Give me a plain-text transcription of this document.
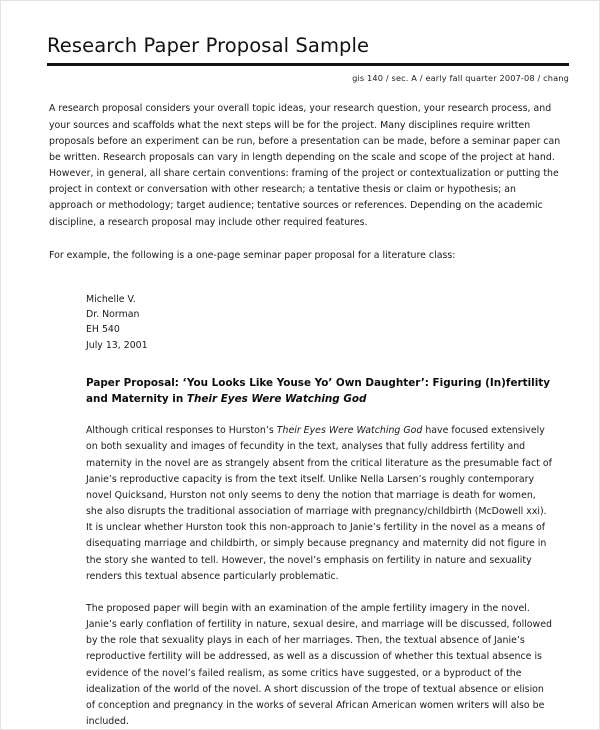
Research Paper Proposal Sample
gis 140 / sec. A / early fall quarter 2007-08 / chang

A research proposal considers your overall topic ideas, your research question, your research process, and your sources and scaffolds what the next steps will be for the project. Many disciplines require written proposals before an experiment can be run, before a presentation can be made, before a seminar paper can be written. Research proposals can vary in length depending on the scale and scope of the project at hand. However, in general, all share certain conventions: framing of the project or contextualization or putting the project in context or conversation with other research; a tentative thesis or claim or hypothesis; an approach or methodology; target audience; tentative sources or references. Depending on the academic discipline, a research proposal may include other required features.

For example, the following is a one-page seminar paper proposal for a literature class:

Michelle V.
Dr. Norman
EH 540
July 13, 2001
Paper Proposal: ‘You Looks Like Youse Yo’ Own Daughter’: Figuring (In)fertility and Maternity in Their Eyes Were Watching God

Although critical responses to Hurston’s Their Eyes Were Watching God have focused extensively on both sexuality and images of fecundity in the text, analyses that fully address fertility and maternity in the novel are as strangely absent from the critical literature as the presumable fact of Janie’s reproductive capacity is from the text itself. Unlike Nella Larsen’s roughly contemporary novel Quicksand, Hurston not only seems to deny the notion that marriage is death for women, she also disrupts the traditional association of marriage with pregnancy/childbirth (McDowell xxi). It is unclear whether Hurston took this non-approach to Janie’s fertility in the novel as a means of disequating marriage and childbirth, or simply because pregnancy and maternity did not figure in the story she wanted to tell. However, the novel’s emphasis on fertility in nature and sexuality renders this textual absence particularly problematic.

The proposed paper will begin with an examination of the ample fertility imagery in the novel. Janie’s early conflation of fertility in nature, sexual desire, and marriage will be discussed, followed by the role that sexuality plays in each of her marriages. Then, the textual absence of Janie’s reproductive fertility will be addressed, as well as a discussion of whether this textual absence is evidence of the novel’s failed realism, as some critics have suggested, or a byproduct of the idealization of the world of the novel. A short discussion of the trope of textual absence or elision of conception and pregnancy in the works of several African American women writers will also be included.
